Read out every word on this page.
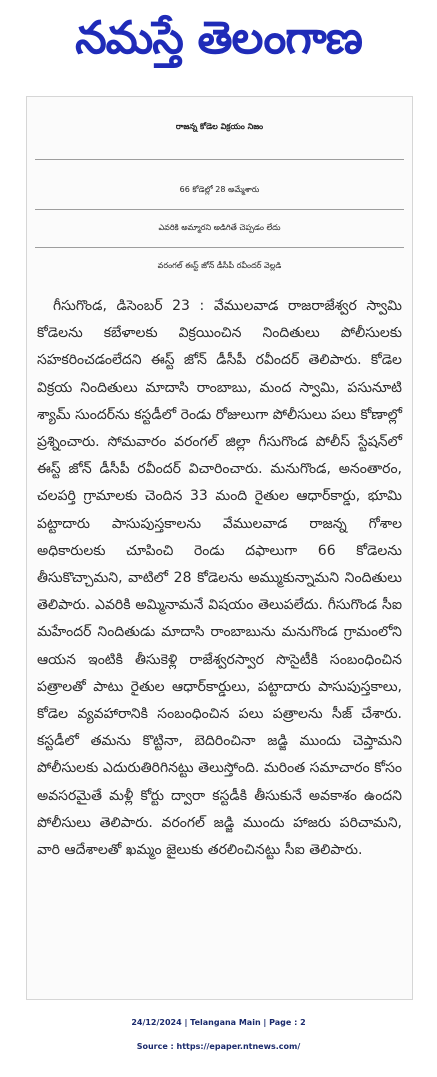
నమస్తే తెలంగాణ
రాజన్న కోడెల విక్రయం నిజం
66 కోడెల్లో 28 అమ్మేశారు
ఎవరికి అమ్మారని అడిగితే చెప్పడం లేదు
వరంగల్ ఈస్ట్ జోన్ డీసీపీ రవీందర్ వెల్లడి

గీసుగొండ, డిసెంబర్ 23 : వేములవాడ రాజరాజేశ్వర స్వామి కోడెలను కబేళాలకు విక్రయించిన నిందితులు పోలీసులకు సహకరించడంలేదని ఈస్ట్ జోన్ డీసీపీ రవీందర్ తెలిపారు. కోడెల విక్రయ నిందితులు మాదాసి రాంబాబు, మంద స్వామి, పసునూటి శ్యామ్ సుందర్‌ను కస్టడీలో రెండు రోజులుగా పోలీసులు పలు కోణాల్లో ప్రశ్నించారు. సోమవారం వరంగల్ జిల్లా గీసుగొండ పోలీస్ స్టేషన్‌లో ఈస్ట్ జోన్ డీసీపీ రవీందర్ విచారించారు. మనుగొండ, అనంతారం, చలపర్తి గ్రామాలకు చెందిన 33 మంది రైతుల ఆధార్‌కార్డు, భూమి పట్టాదారు పాసుపుస్తకాలను వేములవాడ రాజన్న గోశాల అధికారులకు చూపించి రెండు దఫాలుగా 66 కోడెలను తీసుకొచ్చామని, వాటిలో 28 కోడెలను అమ్ముకున్నామని నిందితులు తెలిపారు. ఎవరికి అమ్మినామనే విషయం తెలుపలేదు. గీసుగొండ సీఐ మహేందర్ నిందితుడు మాదాసి రాంబాబును మనుగొండ గ్రామంలోని ఆయన ఇంటికి తీసుకెళ్లి రాజేశ్వరస్వార సొసైటీకి సంబంధించిన పత్రాలతో పాటు రైతుల ఆధార్‌కార్డులు, పట్టాదారు పాసుపుస్తకాలు, కోడెల వ్యవహారానికి సంబంధించిన పలు పత్రాలను సీజ్ చేశారు. కస్టడీలో తమను కొట్టినా, బెదిరించినా జడ్జి ముందు చెప్తామని పోలీసులకు ఎదురుతిరిగినట్టు తెలుస్తోంది. మరింత సమాచారం కోసం అవసరమైతే మళ్లీ కోర్టు ద్వారా కస్టడీకి తీసుకునే అవకాశం ఉందని పోలీసులు తెలిపారు. వరంగల్ జడ్జి ముందు హాజరు పరిచామని, వారి ఆదేశాలతో ఖమ్మం జైలుకు తరలించినట్టు సీఐ తెలిపారు.

24/12/2024 | Telangana Main | Page : 2
Source : https://epaper.ntnews.com/
